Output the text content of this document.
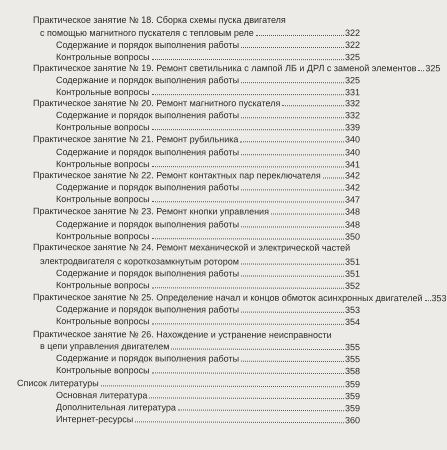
Практическое занятие № 18. Сборка схемы пуска двигателя
с помощью магнитного пускателя с тепловым реле	322
Содержание и порядок выполнения работы	322
Контрольные вопросы	325
Практическое занятие № 19. Ремонт светильника с лампой ЛБ и ДРЛ с заменой элементов 325
Содержание и порядок выполнения работы	325
Контрольные вопросы	331
Практическое занятие № 20. Ремонт магнитного пускателя	332
Содержание и порядок выполнения работы	332
Контрольные вопросы	339
Практическое занятие № 21. Ремонт рубильника	340
Содержание и порядок выполнения работы	340
Контрольные вопросы	341
Практическое занятие № 22. Ремонт контактных пар переключателя	342
Содержание и порядок выполнения работы	342
Контрольные вопросы	347
Практическое занятие № 23. Ремонт кнопки управления	348
Содержание и порядок выполнения работы	348
Контрольные вопросы	350
Практическое занятие № 24. Ремонт механической и электрической частей
электродвигателя с короткозамкнутым ротором	351
Содержание и порядок выполнения работы	351
Контрольные вопросы	352
Практическое занятие № 25. Определение начал и концов обмоток асинхронных двигателей 353
Содержание и порядок выполнения работы	353
Контрольные вопросы	354
Практическое занятие № 26. Нахождение и устранение неисправности
в цепи управления двигателем	355
Содержание и порядок выполнения работы	355
Контрольные вопросы	358
Список литературы	359
Основная литература	359
Дополнительная литература	359
Интернет-ресурсы	360
